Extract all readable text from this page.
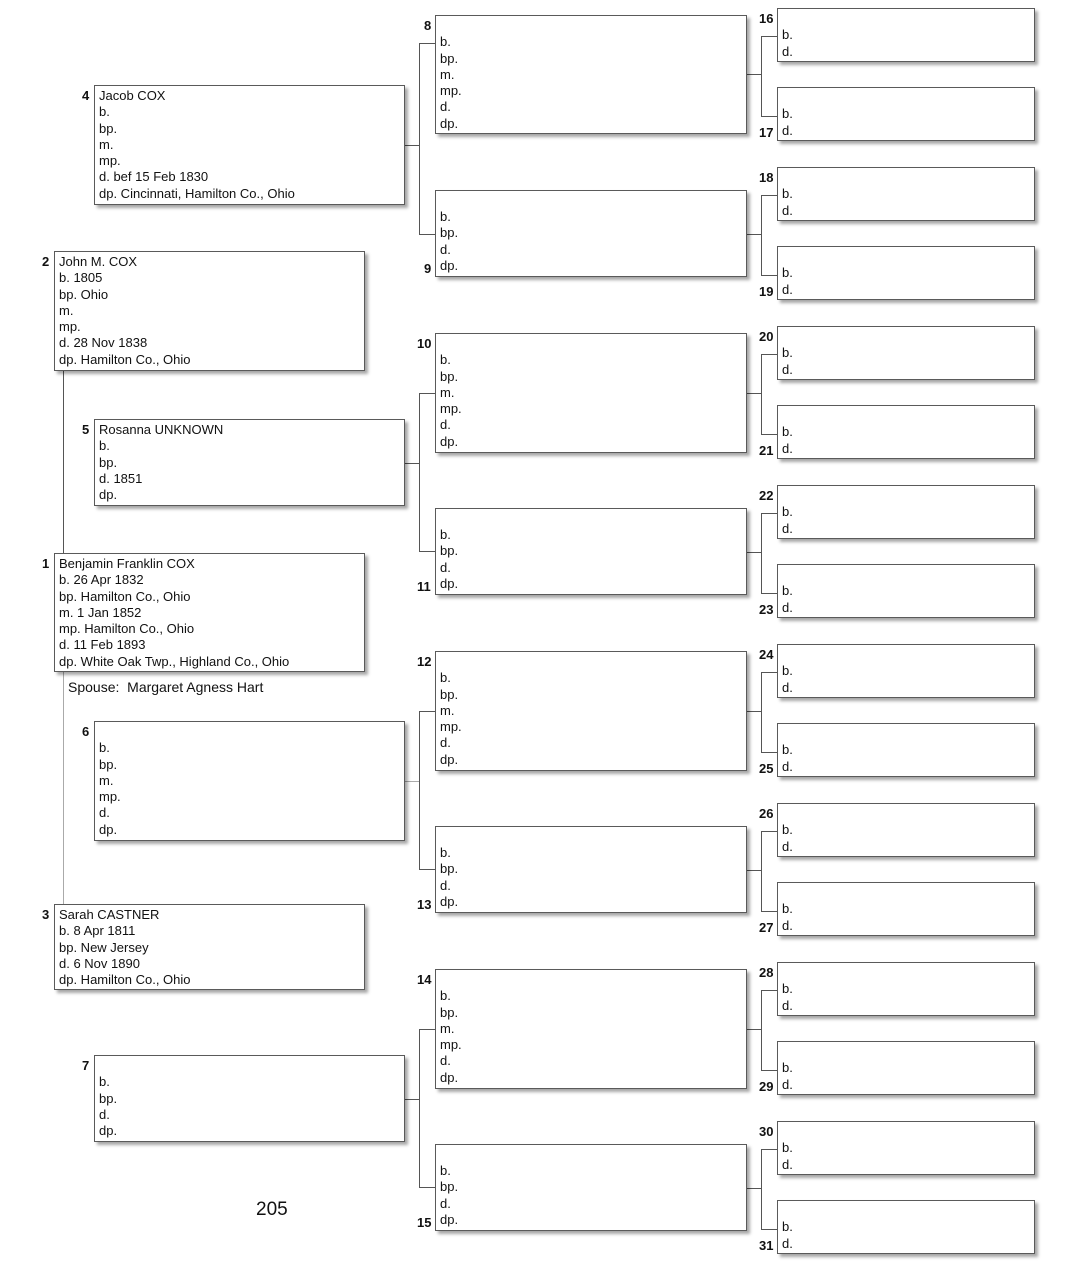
1 Benjamin Franklin COX
b. 26 Apr 1832
bp. Hamilton Co., Ohio
m. 1 Jan 1852
mp. Hamilton Co., Ohio
d. 11 Feb 1893
dp. White Oak Twp., Highland Co., Ohio
Spouse: Margaret Agness Hart
2 John M. COX
b. 1805
bp. Ohio
m.
mp.
d. 28 Nov 1838
dp. Hamilton Co., Ohio
3 Sarah CASTNER
b. 8 Apr 1811
bp. New Jersey
d. 6 Nov 1890
dp. Hamilton Co., Ohio
4 Jacob COX
b.
bp.
m.
mp.
d. bef 15 Feb 1830
dp. Cincinnati, Hamilton Co., Ohio
5 Rosanna UNKNOWN
b.
bp.
d. 1851
dp.
6
b.
bp.
m.
mp.
d.
dp.
7
b.
bp.
d.
dp.
8
b.
bp.
m.
mp.
d.
dp.
9
b.
bp.
d.
dp.
10
b.
bp.
m.
mp.
d.
dp.
11
b.
bp.
d.
dp.
12
b.
bp.
m.
mp.
d.
dp.
13
b.
bp.
d.
dp.
14
b.
bp.
m.
mp.
d.
dp.
15
b.
bp.
d.
dp.
16
b.
d.
17
b.
d.
18
b.
d.
19
b.
d.
20
b.
d.
21
b.
d.
22
b.
d.
23
b.
d.
24
b.
d.
25
b.
d.
26
b.
d.
27
b.
d.
28
b.
d.
29
b.
d.
30
b.
d.
31
b.
d.
205
